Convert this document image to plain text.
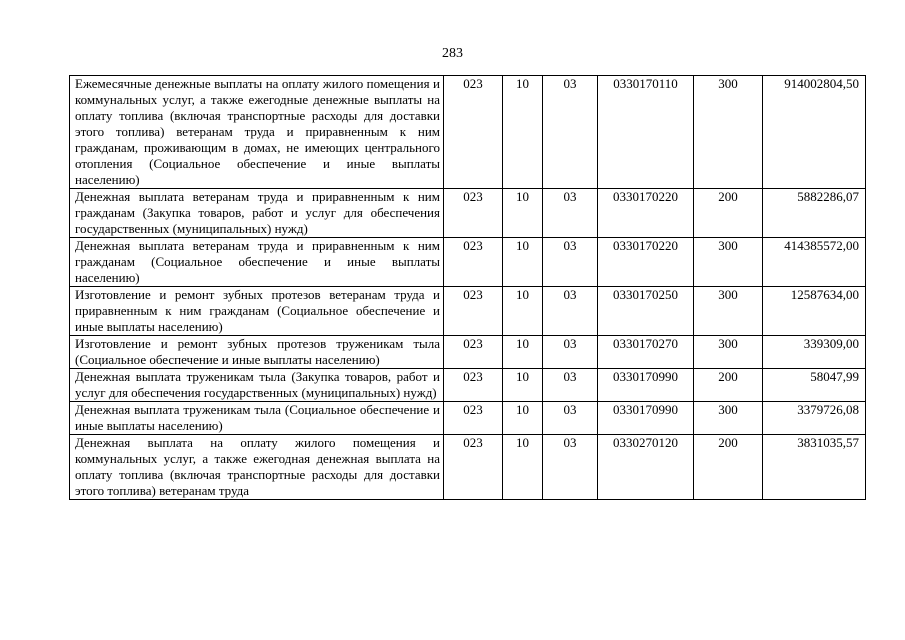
283
Ежемесячные денежные выплаты на оплату жилого помещения и коммунальных услуг, а также ежегодные денежные выплаты на оплату топлива (включая транспортные расходы для доставки этого топлива) ветеранам труда и приравненным к ним гражданам, проживающим в домах, не имеющих центрального отопления (Социальное обеспечение и иные выплаты населению)	023	10	03	0330170110	300	914002804,50
Денежная выплата ветеранам труда и приравненным к ним гражданам (Закупка товаров, работ и услуг для обеспечения государственных (муниципальных) нужд)	023	10	03	0330170220	200	5882286,07
Денежная выплата ветеранам труда и приравненным к ним гражданам (Социальное обеспечение и иные выплаты населению)	023	10	03	0330170220	300	414385572,00
Изготовление и ремонт зубных протезов ветеранам труда и приравненным к ним гражданам (Социальное обеспечение и иные выплаты населению)	023	10	03	0330170250	300	12587634,00
Изготовление и ремонт зубных протезов труженикам тыла (Социальное обеспечение и иные выплаты населению)	023	10	03	0330170270	300	339309,00
Денежная выплата труженикам тыла (Закупка товаров, работ и услуг для обеспечения государственных (муниципальных) нужд)	023	10	03	0330170990	200	58047,99
Денежная выплата труженикам тыла (Социальное обеспечение и иные выплаты населению)	023	10	03	0330170990	300	3379726,08
Денежная выплата на оплату жилого помещения и коммунальных услуг, а также ежегодная денежная выплата на оплату топлива (включая транспортные расходы для доставки этого топлива) ветеранам труда	023	10	03	0330270120	200	3831035,57
